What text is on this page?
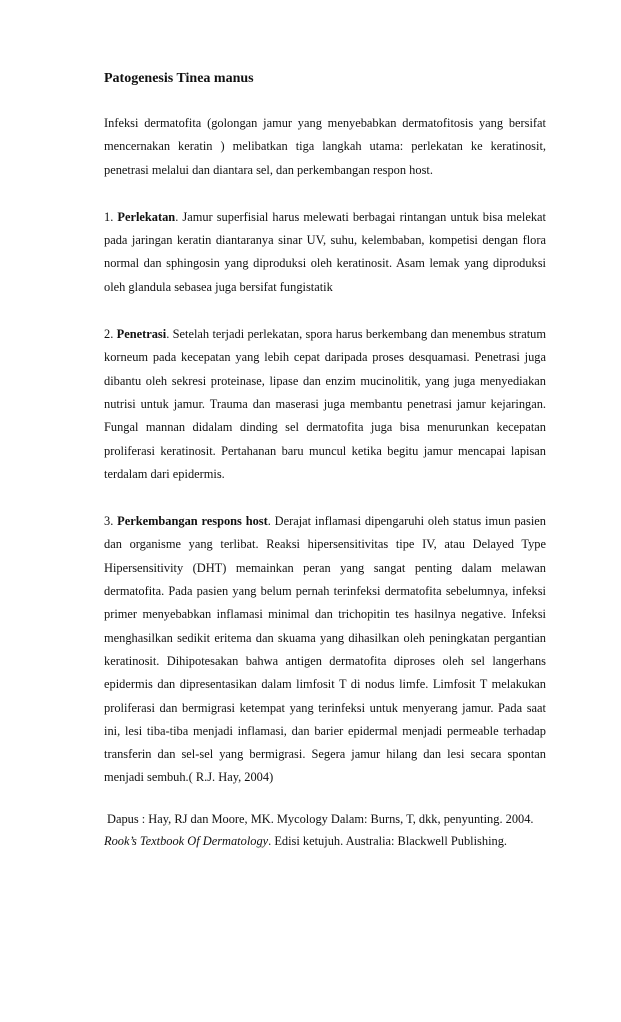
Patogenesis Tinea manus

Infeksi dermatofita (golongan jamur yang menyebabkan dermatofitosis yang bersifat mencernakan keratin ) melibatkan tiga langkah utama: perlekatan ke keratinosit, penetrasi melalui dan diantara sel, dan perkembangan respon host.

1. Perlekatan. Jamur superfisial harus melewati berbagai rintangan untuk bisa melekat pada jaringan keratin diantaranya sinar UV, suhu, kelembaban, kompetisi dengan flora normal dan sphingosin yang diproduksi oleh keratinosit. Asam lemak yang diproduksi oleh glandula sebasea juga bersifat fungistatik

2. Penetrasi. Setelah terjadi perlekatan, spora harus berkembang dan menembus stratum korneum pada kecepatan yang lebih cepat daripada proses desquamasi. Penetrasi juga dibantu oleh sekresi proteinase, lipase dan enzim mucinolitik, yang juga menyediakan nutrisi untuk jamur. Trauma dan maserasi juga membantu penetrasi jamur kejaringan. Fungal mannan didalam dinding sel dermatofita juga bisa menurunkan kecepatan proliferasi keratinosit. Pertahanan baru muncul ketika begitu jamur mencapai lapisan terdalam dari epidermis.

3. Perkembangan respons host. Derajat inflamasi dipengaruhi oleh status imun pasien dan organisme yang terlibat. Reaksi hipersensitivitas tipe IV, atau Delayed Type Hipersensitivity (DHT) memainkan peran yang sangat penting dalam melawan dermatofita. Pada pasien yang belum pernah terinfeksi dermatofita sebelumnya, infeksi primer menyebabkan inflamasi minimal dan trichopitin tes hasilnya negative. Infeksi menghasilkan sedikit eritema dan skuama yang dihasilkan oleh peningkatan pergantian keratinosit. Dihipotesakan bahwa antigen dermatofita diproses oleh sel langerhans epidermis dan dipresentasikan dalam limfosit T di nodus limfe. Limfosit T melakukan proliferasi dan bermigrasi ketempat yang terinfeksi untuk menyerang jamur. Pada saat ini, lesi tiba-tiba menjadi inflamasi, dan barier epidermal menjadi permeable terhadap transferin dan sel-sel yang bermigrasi. Segera jamur hilang dan lesi secara spontan menjadi sembuh.( R.J. Hay, 2004)

Dapus : Hay, RJ dan Moore, MK. Mycology Dalam: Burns, T, dkk, penyunting. 2004.

Rook’s Textbook Of Dermatology. Edisi ketujuh. Australia: Blackwell Publishing.
